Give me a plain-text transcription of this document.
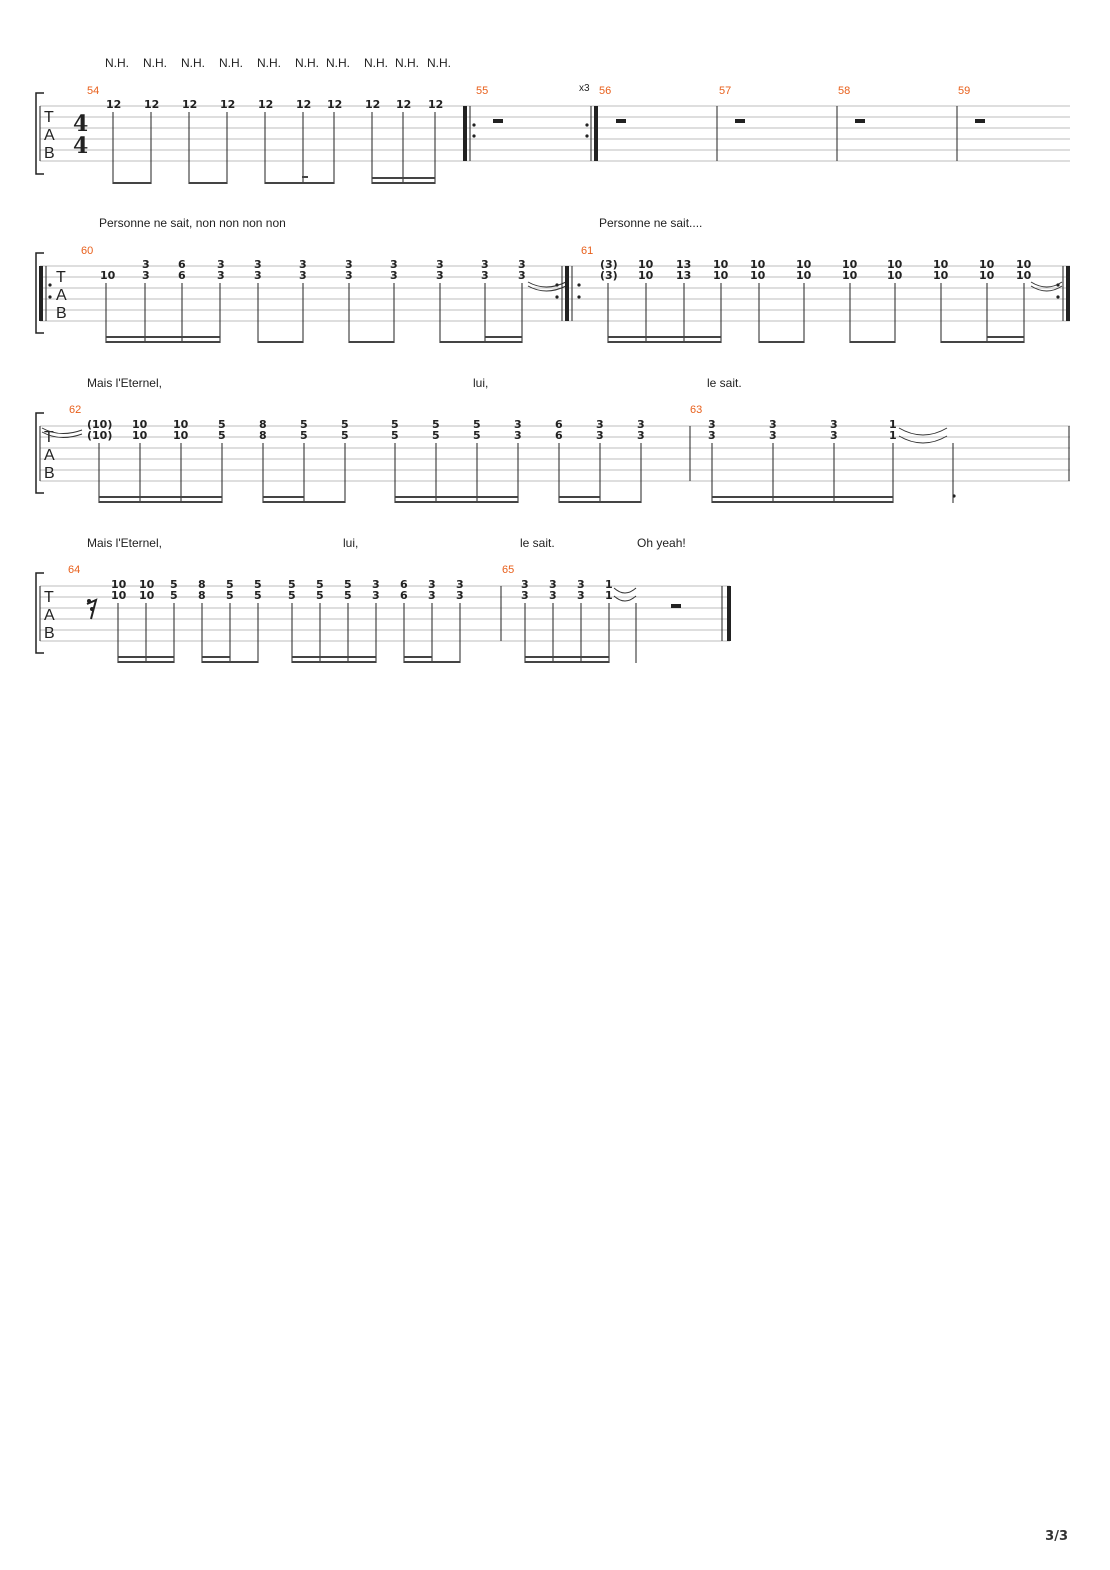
N.H. N.H. N.H. N.H. N.H. N.H. N.H. N.H. N.H. N.H.
T
A
B
4
4
54
12 12 12 12 12 12 12 12 12 12
55	x3 56	57	58	59
Personne ne sait, non non non non	Personne ne sait....
T
A
B
60
10
3
3
6
6
3
3
3
3
3
3
3
3
3
3
3
3
3
3
3
3
61
(3)
(3)
10
10
13
13
10
10
10
10
10
10
10
10
10
10
10
10
10
10
10
10
Mais l'Eternel,	lui,	le sait.
T
A
B
62
(10)
(10)
10
10
10
10
5
5
8
8
5
5
5
5
5
5
5
5
5
5
3
3
6
6
3
3
3
3
63
3
3
3
3
3
3
1
1
Mais l'Eternel,	lui,	le sait.	Oh yeah!
T
A
B
64
10
10
10
10
5
5
8
8
5
5
5
5
5
5
5
5
5
5
3
3
6
6
3
3
3
3
65
3
3
3
3
3
3
1
1
3/3
